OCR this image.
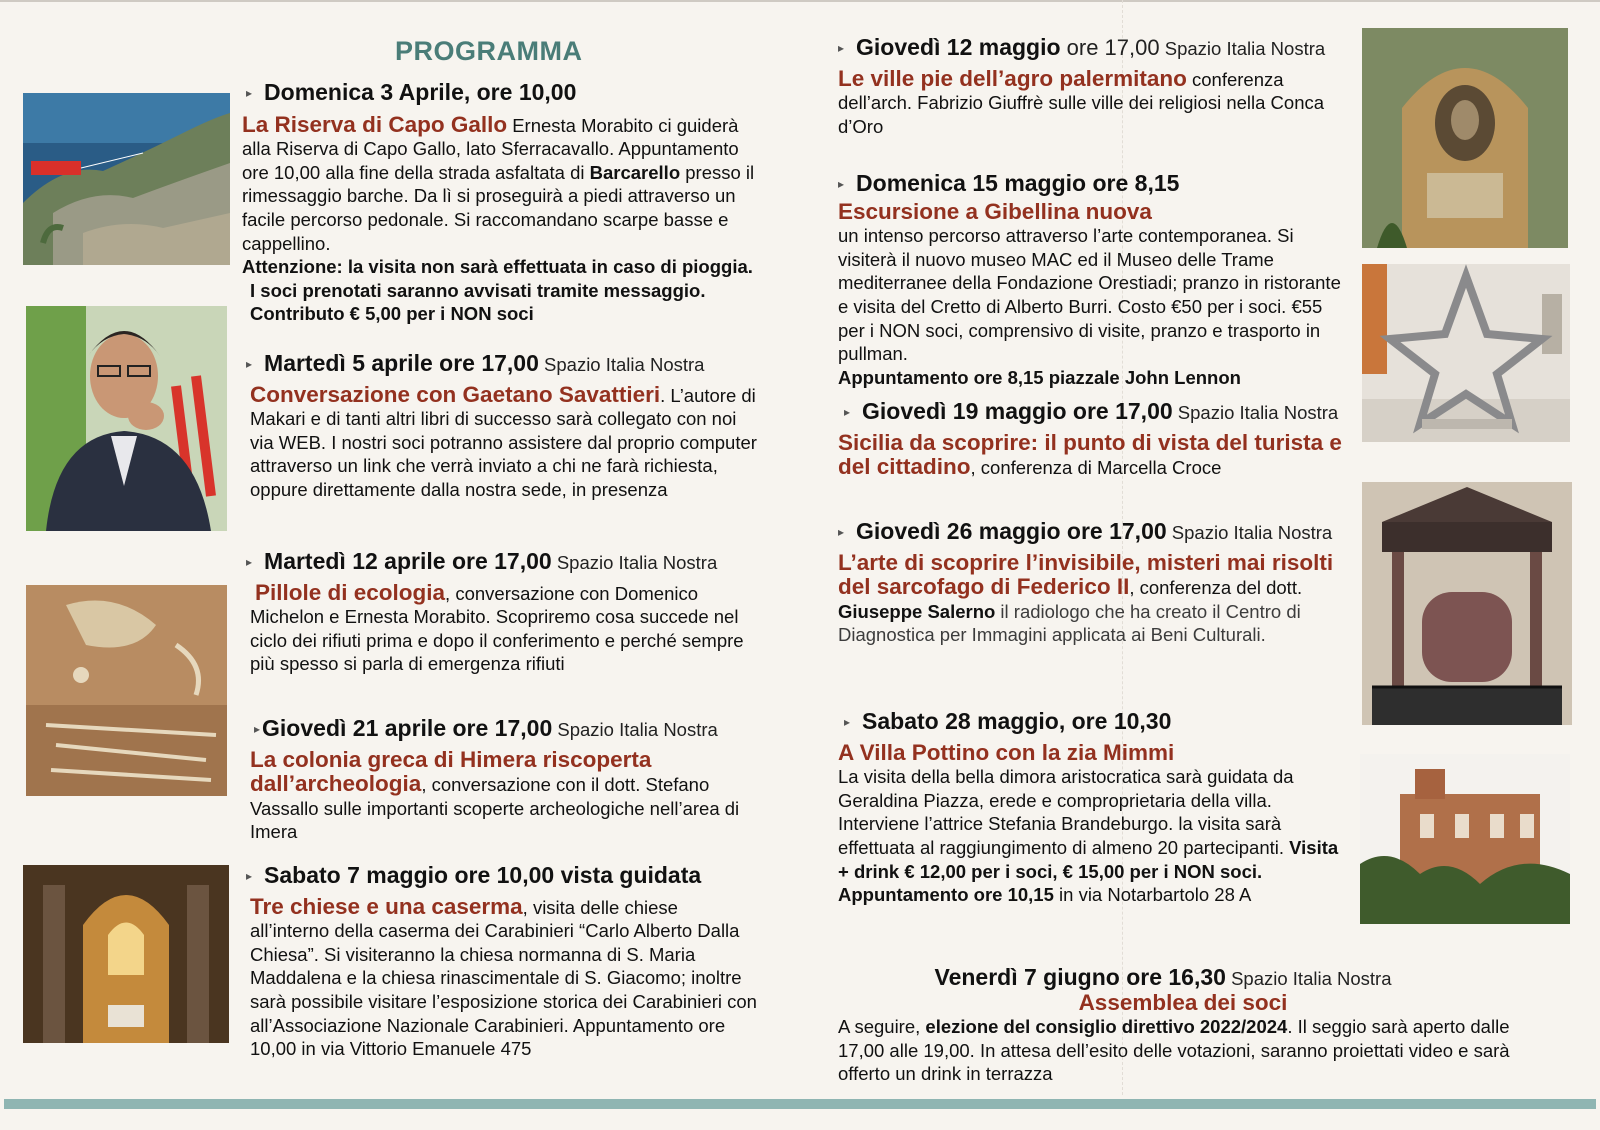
PROGRAMMA

▸ Domenica 3 Aprile, ore 10,00

La Riserva di Capo Gallo Ernesta Morabito ci guiderà alla Riserva di Capo Gallo, lato Sferracavallo. Appuntamento ore 10,00 alla fine della strada asfaltata di Barcarello presso il rimessaggio barche. Da lì si proseguirà a piedi attraverso un facile percorso pedonale. Si raccomandano scarpe basse e cappellino.

Attenzione: la visita non sarà effettuata in caso di pioggia. I soci prenotati saranno avvisati tramite messaggio. Contributo € 5,00 per i NON soci

▸ Martedì 5 aprile ore 17,00 Spazio Italia Nostra

Conversazione con Gaetano Savattieri. L’autore di Makari e di tanti altri libri di successo sarà collegato con noi via WEB. I nostri soci potranno assistere dal proprio computer attraverso un link che verrà inviato a chi ne farà richiesta, oppure direttamente dalla nostra sede, in presenza

▸ Martedì 12 aprile ore 17,00 Spazio Italia Nostra

Pillole di ecologia, conversazione con Domenico Michelon e Ernesta Morabito. Scopriremo cosa succede nel ciclo dei rifiuti prima e dopo il conferimento e perché sempre più spesso si parla di emergenza rifiuti

▸Giovedì 21 aprile ore 17,00 Spazio Italia Nostra

La colonia greca di Himera riscoperta dall’archeologia, conversazione con il dott. Stefano Vassallo sulle importanti scoperte archeologiche nell’area di Imera

▸ Sabato 7 maggio ore 10,00 vista guidata

Tre chiese e una caserma, visita delle chiese all’interno della caserma dei Carabinieri “Carlo Alberto Dalla Chiesa”. Si visiteranno la chiesa normanna di S. Maria Maddalena e la chiesa rinascimentale di S. Giacomo; inoltre sarà possibile visitare l’esposizione storica dei Carabinieri con all’Associazione Nazionale Carabinieri. Appuntamento ore 10,00 in via Vittorio Emanuele 475

▸ Giovedì 12 maggio ore 17,00 Spazio Italia Nostra

Le ville pie dell’agro palermitano conferenza dell’arch. Fabrizio Giuffrè sulle ville dei religiosi nella Conca d’Oro

▸ Domenica 15 maggio ore 8,15

Escursione a Gibellina nuova

un intenso percorso attraverso l’arte contemporanea. Si visiterà il nuovo museo MAC ed il Museo delle Trame mediterranee della Fondazione Orestiadi; pranzo in ristorante e visita del Cretto di Alberto Burri. Costo €50 per i soci. €55 per i NON soci, comprensivo di visite, pranzo e trasporto in pullman.

Appuntamento ore 8,15 piazzale John Lennon

▸ Giovedì 19 maggio ore 17,00 Spazio Italia Nostra

Sicilia da scoprire: il punto di vista del turista e del cittadino, conferenza di Marcella Croce

▸ Giovedì 26 maggio ore 17,00 Spazio Italia Nostra

L’arte di scoprire l’invisibile, misteri mai risolti del sarcofago di Federico II, conferenza del dott. Giuseppe Salerno il radiologo che ha creato il Centro di Diagnostica per Immagini applicata ai Beni Culturali.

▸ Sabato 28 maggio, ore 10,30

A Villa Pottino con la zia Mimmi

La visita della bella dimora aristocratica sarà guidata da Geraldina Piazza, erede e comproprietaria della villa. Interviene l’attrice Stefania Brandeburgo. la visita sarà effettuata al raggiungimento di almeno 20 partecipanti. Visita + drink € 12,00 per i soci, € 15,00 per i NON soci.

Appuntamento ore 10,15 in via Notarbartolo 28 A

Venerdì 7 giugno ore 16,30 Spazio Italia Nostra

Assemblea dei soci

A seguire, elezione del consiglio direttivo 2022/2024. Il seggio sarà aperto dalle 17,00 alle 19,00. In attesa dell’esito delle votazioni, saranno proiettati video e sarà offerto un drink in terrazza
